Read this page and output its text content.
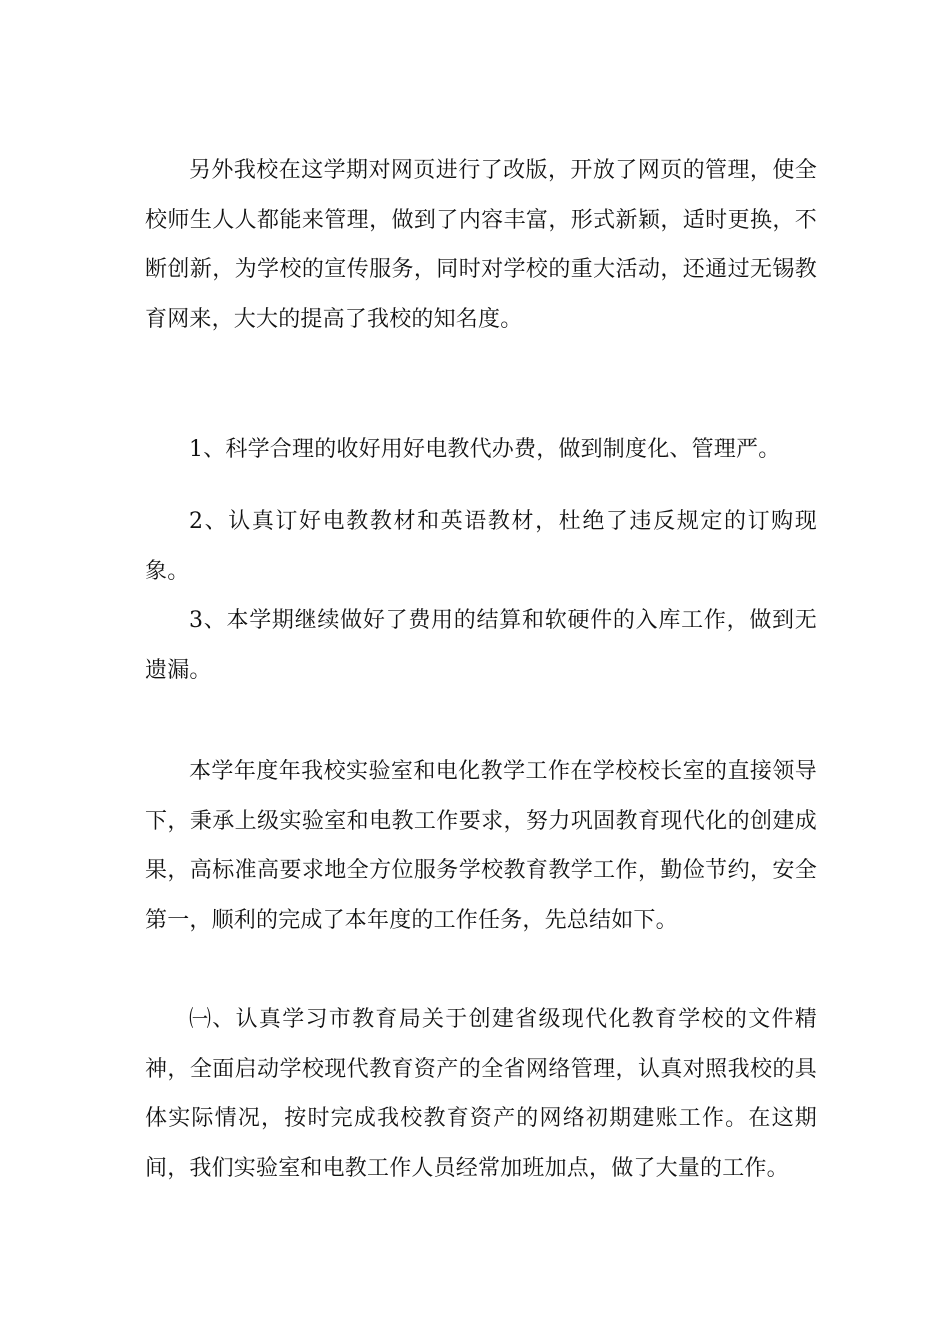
另外我校在这学期对网页进行了改版，开放了网页的管理，使全校师生人人都能来管理，做到了内容丰富，形式新颖，适时更换，不断创新，为学校的宣传服务，同时对学校的重大活动，还通过无锡教育网来，大大的提高了我校的知名度。

1、科学合理的收好用好电教代办费，做到制度化、管理严。

2、认真订好电教教材和英语教材，杜绝了违反规定的订购现象。

3、本学期继续做好了费用的结算和软硬件的入库工作，做到无遗漏。

本学年度年我校实验室和电化教学工作在学校校长室的直接领导下，秉承上级实验室和电教工作要求，努力巩固教育现代化的创建成果，高标准高要求地全方位服务学校教育教学工作，勤俭节约，安全第一，顺利的完成了本年度的工作任务，先总结如下。

㈠、认真学习市教育局关于创建省级现代化教育学校的文件精神，全面启动学校现代教育资产的全省网络管理，认真对照我校的具体实际情况，按时完成我校教育资产的网络初期建账工作。在这期间，我们实验室和电教工作人员经常加班加点，做了大量的工作。
